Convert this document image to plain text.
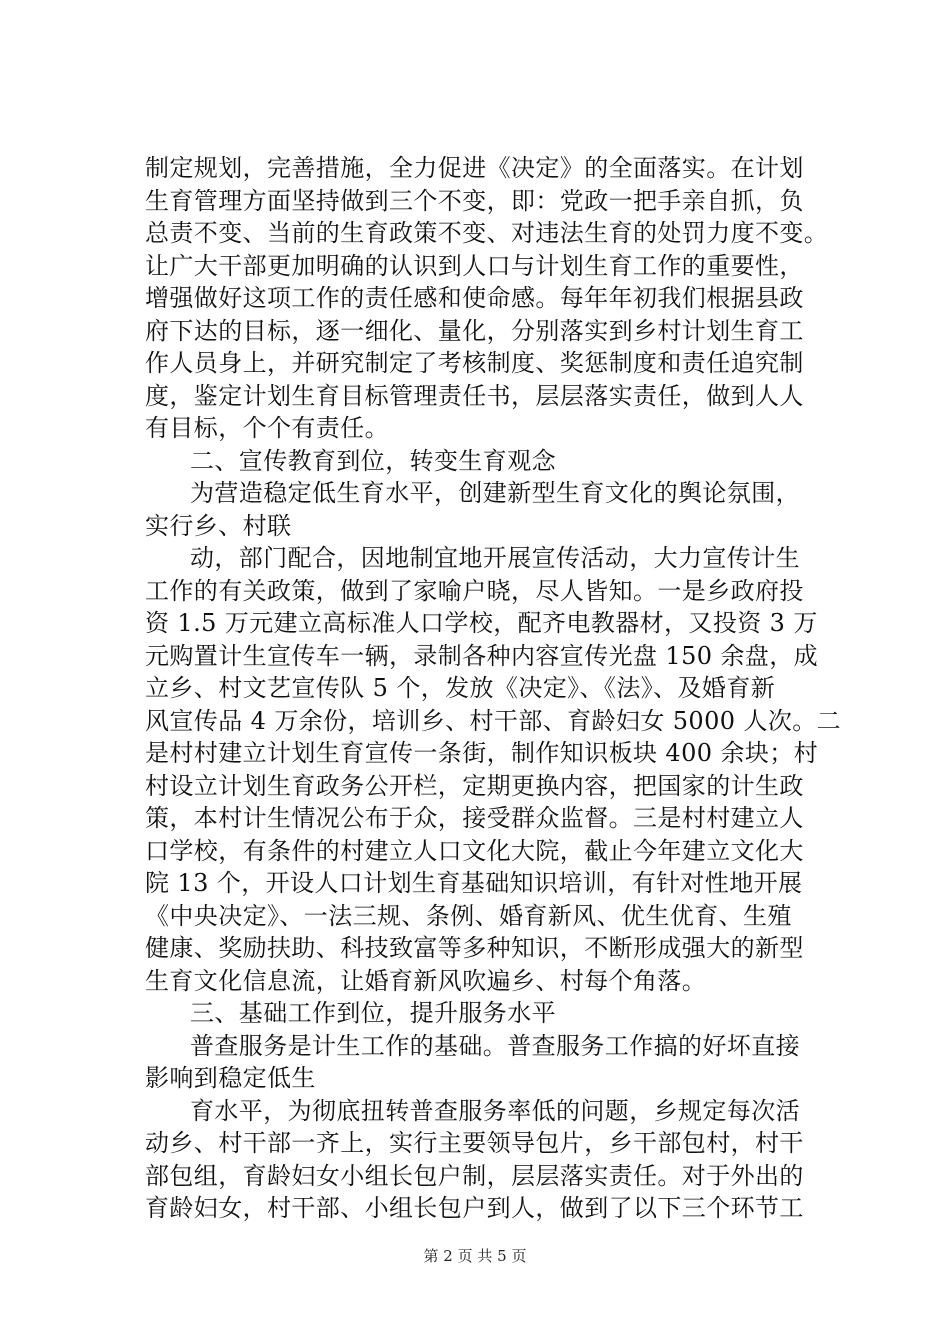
制定规划，完善措施，全力促进《决定》的全面落实。在计划
生育管理方面坚持做到三个不变，即：党政一把手亲自抓，负
总责不变、当前的生育政策不变、对违法生育的处罚力度不变。
让广大干部更加明确的认识到人口与计划生育工作的重要性，
增强做好这项工作的责任感和使命感。每年年初我们根据县政
府下达的目标，逐一细化、量化，分别落实到乡村计划生育工
作人员身上，并研究制定了考核制度、奖惩制度和责任追究制
度，鉴定计划生育目标管理责任书，层层落实责任，做到人人
有目标，个个有责任。
二、宣传教育到位，转变生育观念
为营造稳定低生育水平，创建新型生育文化的舆论氛围，
实行乡、村联
动，部门配合，因地制宜地开展宣传活动，大力宣传计生
工作的有关政策，做到了家喻户晓，尽人皆知。一是乡政府投
资 1.5 万元建立高标准人口学校，配齐电教器材，又投资 3 万
元购置计生宣传车一辆，录制各种内容宣传光盘 150 余盘，成
立乡、村文艺宣传队 5 个，发放《决定》、《法》、及婚育新
风宣传品 4 万余份，培训乡、村干部、育龄妇女 5000 人次。二
是村村建立计划生育宣传一条街，制作知识板块 400 余块；村
村设立计划生育政务公开栏，定期更换内容，把国家的计生政
策，本村计生情况公布于众，接受群众监督。三是村村建立人
口学校，有条件的村建立人口文化大院，截止今年建立文化大
院 13 个，开设人口计划生育基础知识培训，有针对性地开展
《中央决定》、一法三规、条例、婚育新风、优生优育、生殖
健康、奖励扶助、科技致富等多种知识，不断形成强大的新型
生育文化信息流，让婚育新风吹遍乡、村每个角落。
三、基础工作到位，提升服务水平
普查服务是计生工作的基础。普查服务工作搞的好坏直接
影响到稳定低生
育水平，为彻底扭转普查服务率低的问题，乡规定每次活
动乡、村干部一齐上，实行主要领导包片，乡干部包村，村干
部包组，育龄妇女小组长包户制，层层落实责任。对于外出的
育龄妇女，村干部、小组长包户到人，做到了以下三个环节工
第 2 页 共 5 页
